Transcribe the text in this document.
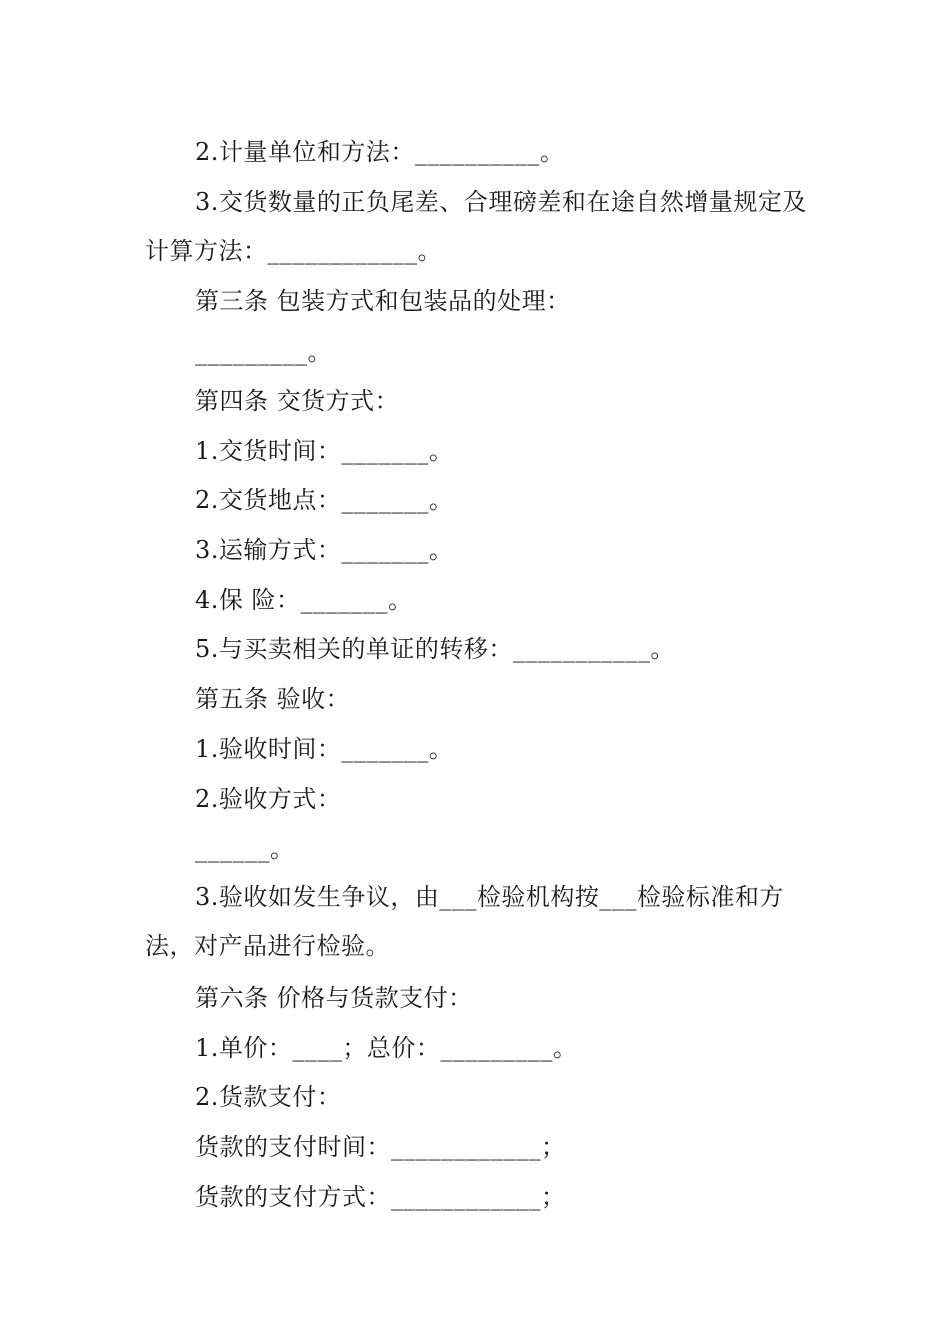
2.计量单位和方法：__________。
3.交货数量的正负尾差、合理磅差和在途自然增量规定及计算方法：____________。
第三条 包装方式和包装品的处理：
_________。
第四条 交货方式：
1.交货时间：_______。
2.交货地点：_______。
3.运输方式：_______。
4.保 险：_______。
5.与买卖相关的单证的转移：___________。
第五条 验收：
1.验收时间：_______。
2.验收方式：
______。
3.验收如发生争议，由___检验机构按___检验标准和方法，对产品进行检验。
第六条 价格与货款支付：
1.单价：____；总价：_________。
2.货款支付：
货款的支付时间：____________；
货款的支付方式：____________；
